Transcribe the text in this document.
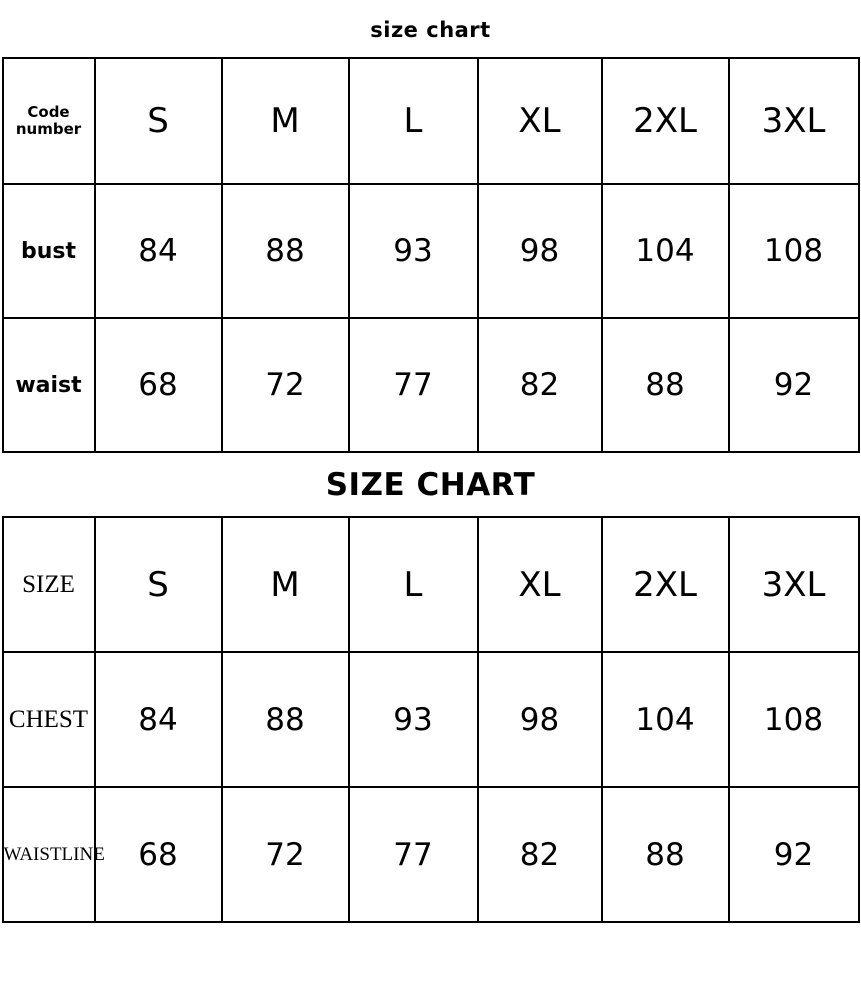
size chart
Code
number	S	M	L	XL	2XL	3XL
bust	84	88	93	98	104	108
waist	68	72	77	82	88	92
SIZE CHART
SIZE	S	M	L	XL	2XL	3XL
CHEST	84	88	93	98	104	108
WAISTLINE	68	72	77	82	88	92
